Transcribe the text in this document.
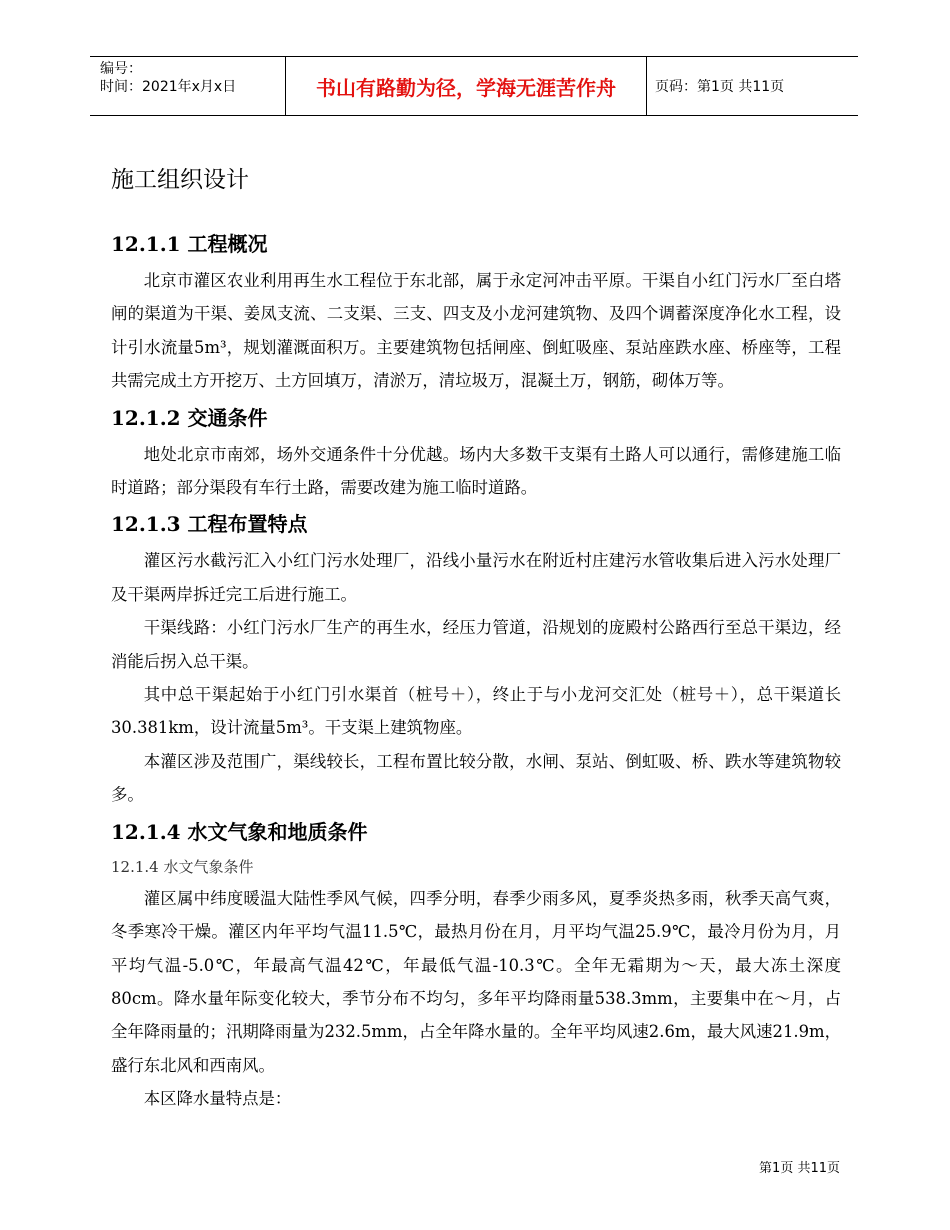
编号：
时间：2021年x月x日	书山有路勤为径，学海无涯苦作舟	页码：第1页 共11页
施工组织设计
12.1.1 工程概况

北京市灌区农业利用再生水工程位于东北部，属于永定河冲击平原。干渠自小红门污水厂至白塔闸的渠道为干渠、姜凤支流、二支渠、三支、四支及小龙河建筑物、及四个调蓄深度净化水工程，设计引水流量5m³，规划灌溉面积万。主要建筑物包括闸座、倒虹吸座、泵站座跌水座、桥座等，工程共需完成土方开挖万、土方回填万，清淤万，清垃圾万，混凝土万，钢筋，砌体万等。

12.1.2 交通条件

地处北京市南郊，场外交通条件十分优越。场内大多数干支渠有土路人可以通行，需修建施工临时道路；部分渠段有车行土路，需要改建为施工临时道路。

12.1.3 工程布置特点

灌区污水截污汇入小红门污水处理厂，沿线小量污水在附近村庄建污水管收集后进入污水处理厂及干渠两岸拆迁完工后进行施工。

干渠线路：小红门污水厂生产的再生水，经压力管道，沿规划的庞殿村公路西行至总干渠边，经消能后拐入总干渠。

其中总干渠起始于小红门引水渠首（桩号＋），终止于与小龙河交汇处（桩号＋），总干渠道长30.381km，设计流量5m³。干支渠上建筑物座。

本灌区涉及范围广，渠线较长，工程布置比较分散，水闸、泵站、倒虹吸、桥、跌水等建筑物较多。

12.1.4 水文气象和地质条件
12.1.4 水文气象条件

灌区属中纬度暖温大陆性季风气候，四季分明，春季少雨多风，夏季炎热多雨，秋季天高气爽，冬季寒冷干燥。灌区内年平均气温11.5℃，最热月份在月，月平均气温25.9℃，最冷月份为月，月平均气温-5.0℃，年最高气温42℃，年最低气温-10.3℃。全年无霜期为～天，最大冻土深度80cm。降水量年际变化较大，季节分布不均匀，多年平均降雨量538.3mm，主要集中在～月，占全年降雨量的；汛期降雨量为232.5mm，占全年降水量的。全年平均风速2.6m，最大风速21.9m，盛行东北风和西南风。

本区降水量特点是：

第1页 共11页
